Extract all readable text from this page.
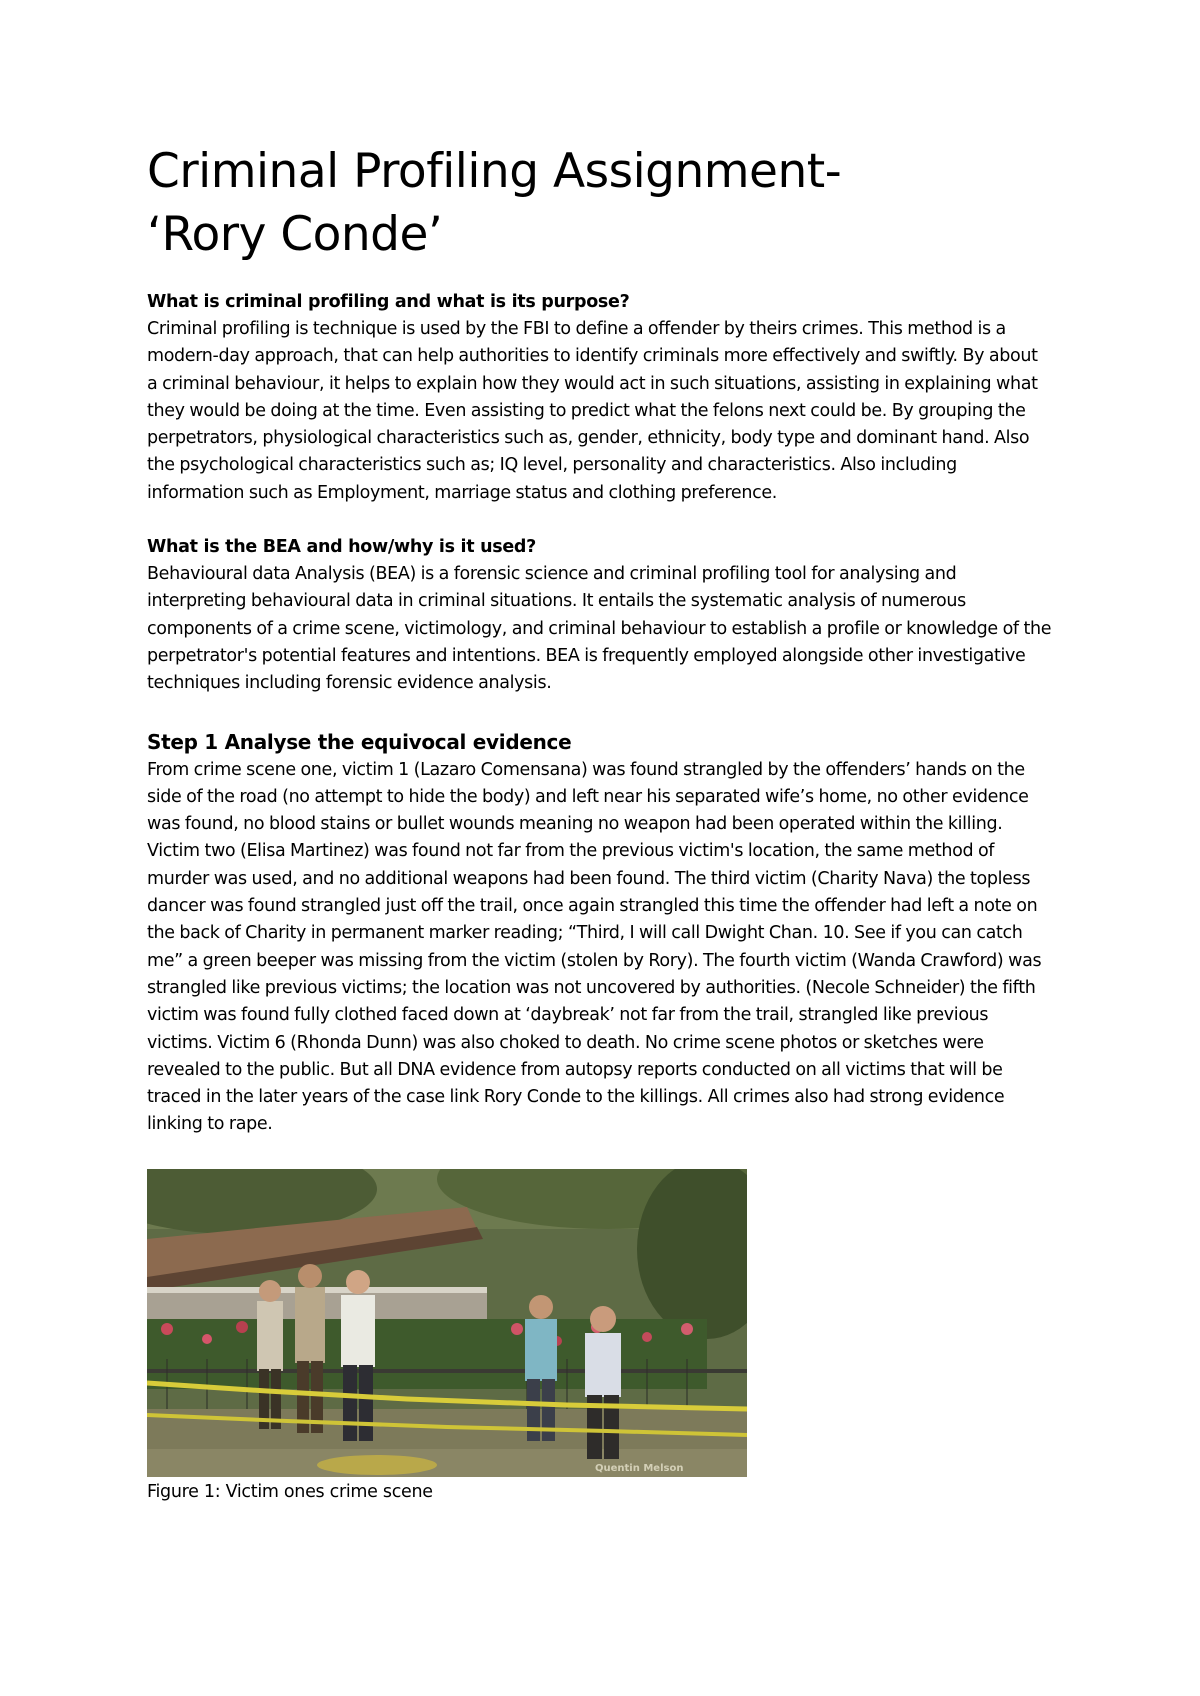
Criminal Profiling Assignment-
‘Rory Conde’

What is criminal profiling and what is its purpose?

Criminal profiling is technique is used by the FBI to define a offender by theirs crimes. This method is a modern-day approach, that can help authorities to identify criminals more effectively and swiftly. By about a criminal behaviour, it helps to explain how they would act in such situations, assisting in explaining what they would be doing at the time. Even assisting to predict what the felons next could be. By grouping the perpetrators, physiological characteristics such as, gender, ethnicity, body type and dominant hand. Also the psychological characteristics such as; IQ level, personality and characteristics. Also including information such as Employment, marriage status and clothing preference.

What is the BEA and how/why is it used?

Behavioural data Analysis (BEA) is a forensic science and criminal profiling tool for analysing and interpreting behavioural data in criminal situations. It entails the systematic analysis of numerous components of a crime scene, victimology, and criminal behaviour to establish a profile or knowledge of the perpetrator's potential features and intentions. BEA is frequently employed alongside other investigative techniques including forensic evidence analysis.

Step 1 Analyse the equivocal evidence

From crime scene one, victim 1 (Lazaro Comensana) was found strangled by the offenders’ hands on the side of the road (no attempt to hide the body) and left near his separated wife’s home, no other evidence was found, no blood stains or bullet wounds meaning no weapon had been operated within the killing. Victim two (Elisa Martinez) was found not far from the previous victim's location, the same method of murder was used, and no additional weapons had been found. The third victim (Charity Nava) the topless dancer was found strangled just off the trail, once again strangled this time the offender had left a note on the back of Charity in permanent marker reading; “Third, I will call Dwight Chan. 10. See if you can catch me” a green beeper was missing from the victim (stolen by Rory). The fourth victim (Wanda Crawford) was strangled like previous victims; the location was not uncovered by authorities. (Necole Schneider) the fifth victim was found fully clothed faced down at ‘daybreak’ not far from the trail, strangled like previous victims. Victim 6 (Rhonda Dunn) was also choked to death. No crime scene photos or sketches were revealed to the public. But all DNA evidence from autopsy reports conducted on all victims that will be traced in the later years of the case link Rory Conde to the killings. All crimes also had strong evidence linking to rape.

Quentin Melson

Figure 1: Victim ones crime scene
